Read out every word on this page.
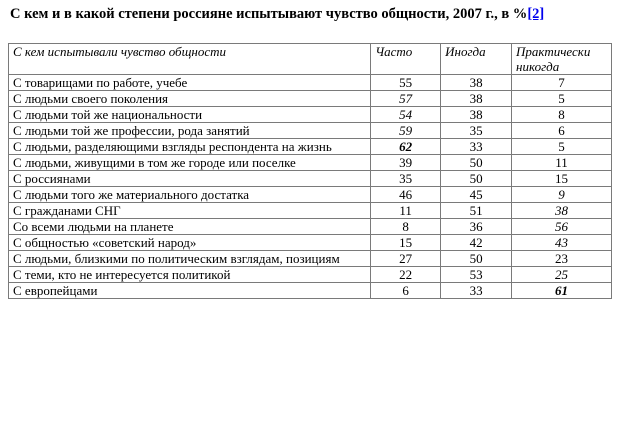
С кем и в какой степени россияне испытывают чувство общности, 2007 г., в %[2]
С кем испытывали чувство общности	Часто	Иногда	Практически никогда
С товарищами по работе, учебе	55	38	7
С людьми своего поколения	57	38	5
С людьми той же национальности	54	38	8
С людьми той же профессии, рода занятий	59	35	6
С людьми, разделяющими взгляды респондента на жизнь	62	33	5
С людьми, живущими в том же городе или поселке	39	50	11
С россиянами	35	50	15
С людьми того же материального достатка	46	45	9
С гражданами СНГ	11	51	38
Со всеми людьми на планете	8	36	56
С общностью «советский народ»	15	42	43
С людьми, близкими по политическим взглядам, позициям	27	50	23
С теми, кто не интересуется политикой	22	53	25
С европейцами	6	33	61
